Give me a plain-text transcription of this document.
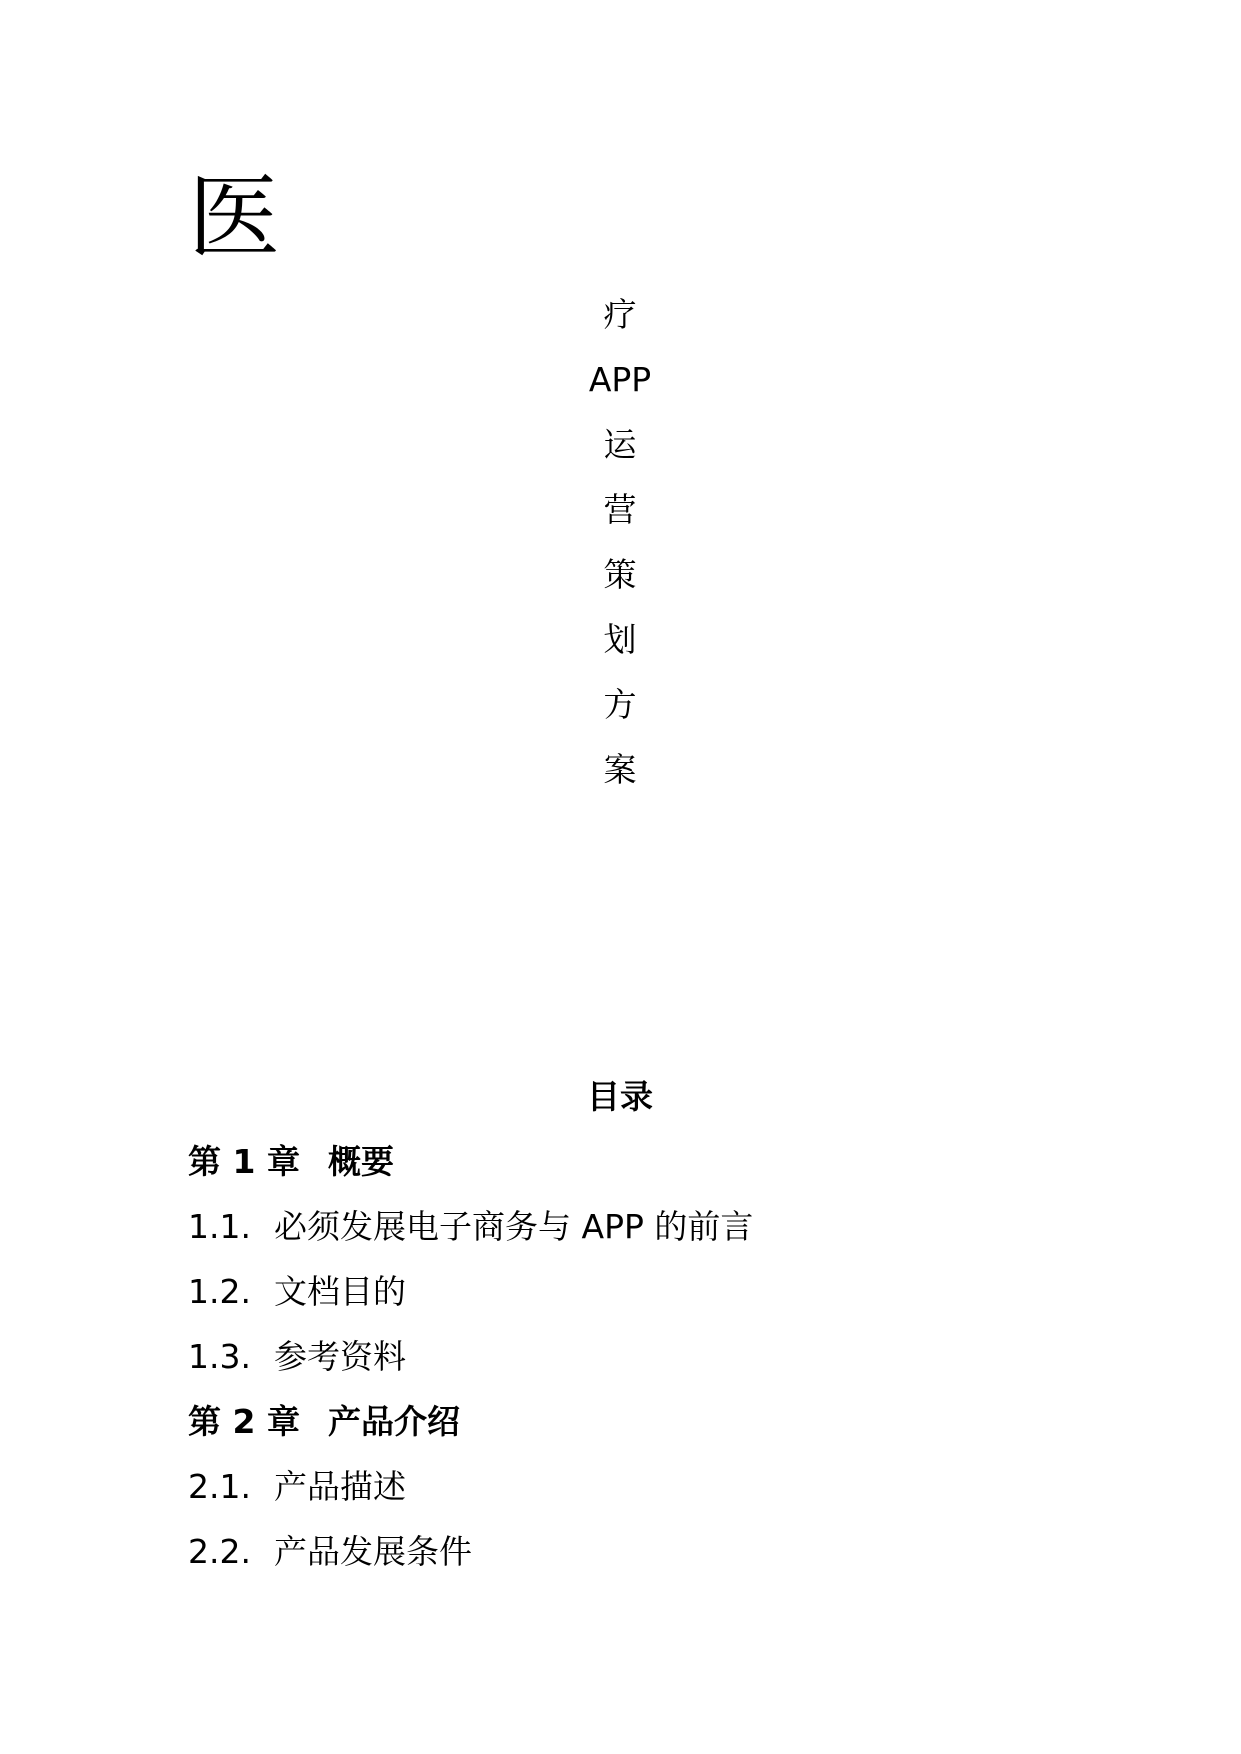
医
疗
APP
运
营
策
划
方
案
目录
第 1 章 概要
1.1. 必须发展电子商务与 APP 的前言
1.2. 文档目的
1.3. 参考资料
第 2 章 产品介绍
2.1. 产品描述
2.2. 产品发展条件
